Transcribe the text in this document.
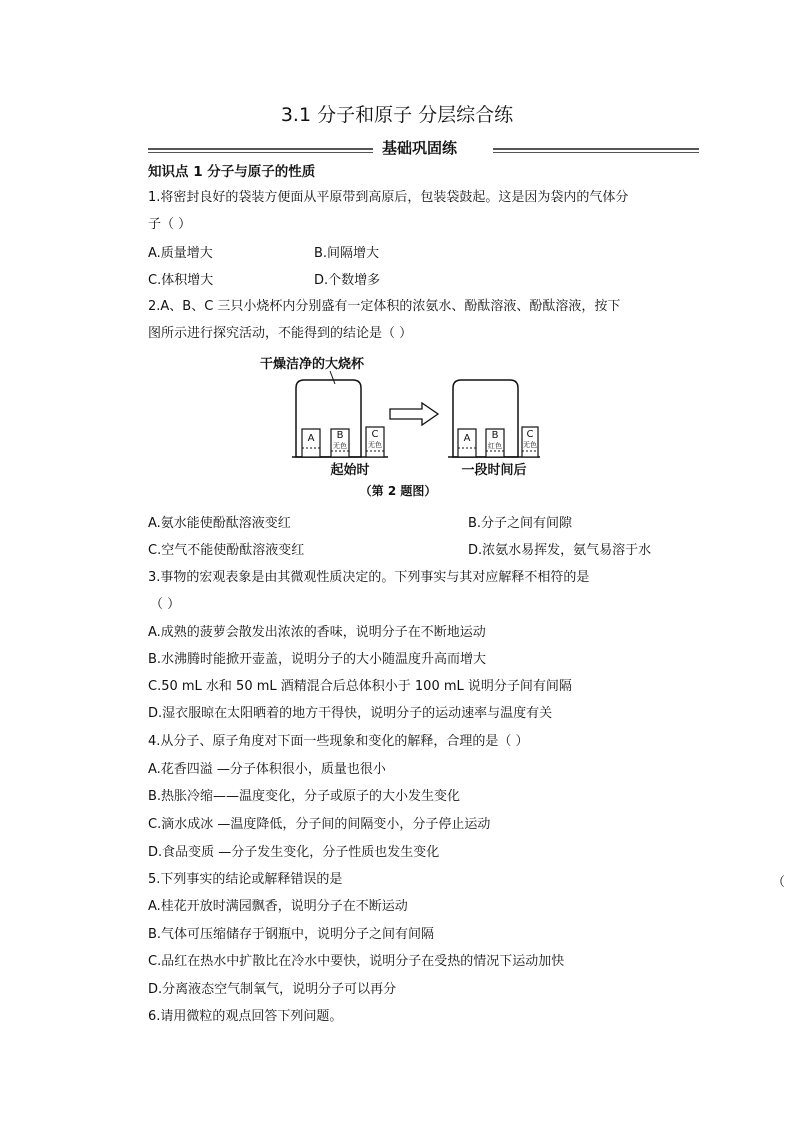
3.1 分子和原子 分层综合练
基础巩固练
知识点 1 分子与原子的性质
1.将密封良好的袋装方便面从平原带到高原后，包装袋鼓起。这是因为袋内的气体分
子（ ）
A.质量增大	B.间隔增大
C.体积增大	D.个数增多
2.A、B、C 三只小烧杯内分别盛有一定体积的浓氨水、酚酞溶液、酚酞溶液，按下
图所示进行探究活动，不能得到的结论是（ ）
干燥洁净的大烧杯
A B
无色
C
无色
A B
红色
C
无色
起始时	一段时间后
（第 2 题图）
A.氨水能使酚酞溶液变红	B.分子之间有间隙
C.空气不能使酚酞溶液变红	D.浓氨水易挥发，氨气易溶于水
3.事物的宏观表象是由其微观性质决定的。下列事实与其对应解释不相符的是
（ ）
A.成熟的菠萝会散发出浓浓的香味，说明分子在不断地运动
B.水沸腾时能掀开壶盖，说明分子的大小随温度升高而增大
C.50 mL 水和 50 mL 酒精混合后总体积小于 100 mL 说明分子间有间隔
D.湿衣服晾在太阳晒着的地方干得快，说明分子的运动速率与温度有关
4.从分子、原子角度对下面一些现象和变化的解释，合理的是（ ）
A.花香四溢 —分子体积很小，质量也很小
B.热胀冷缩——温度变化，分子或原子的大小发生变化
C.滴水成冰 —温度降低，分子间的间隔变小，分子停止运动
D.食品变质 —分子发生变化，分子性质也发生变化
5.下列事实的结论或解释错误的是	（
A.桂花开放时满园飘香，说明分子在不断运动
B.气体可压缩储存于钢瓶中，说明分子之间有间隔
C.品红在热水中扩散比在冷水中要快，说明分子在受热的情况下运动加快
D.分离液态空气制氧气，说明分子可以再分
6.请用微粒的观点回答下列问题。
